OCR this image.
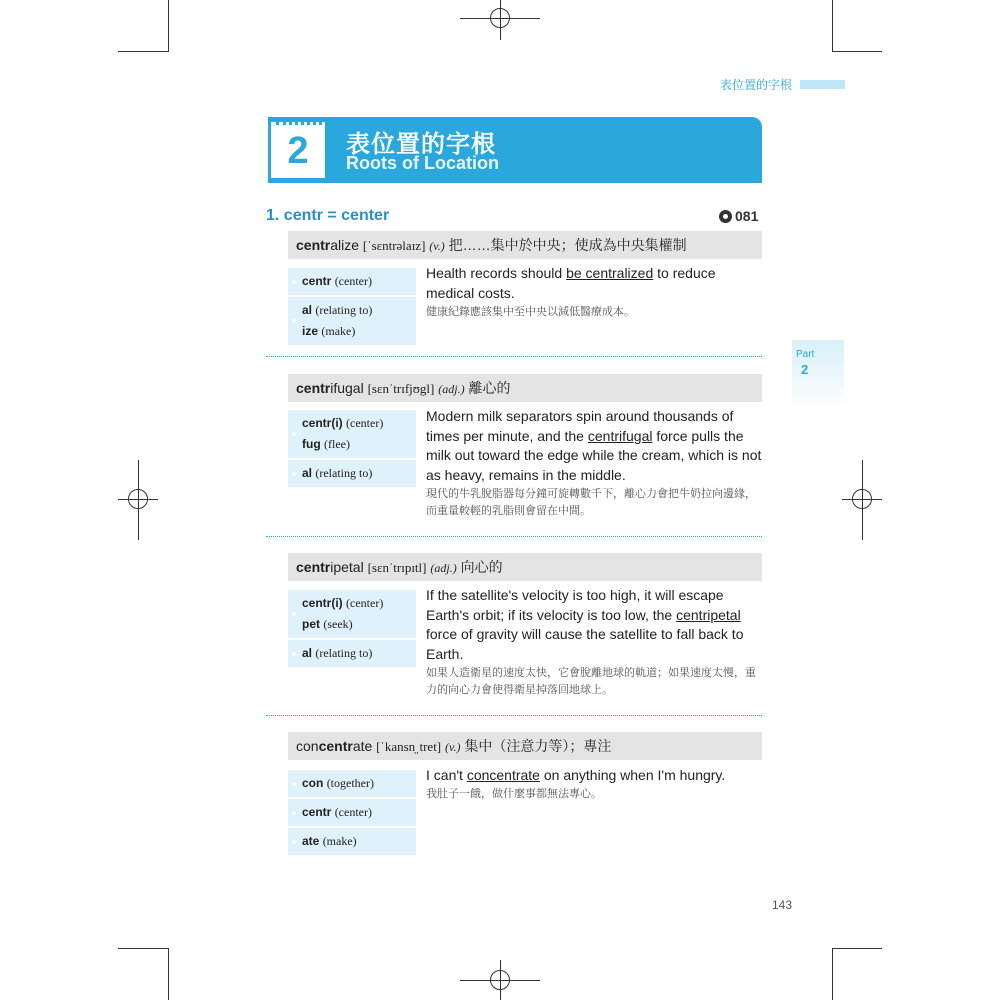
表位置的字根
2	表位置的字根
Roots of Location
1. centr = center	081
centralize [ˈsɛntrəlaɪz] (v.) 把……集中於中央；使成為中央集權制
centr (center)
al (relating to)
ize (make)
Health records should be centralized to reduce medical costs.
健康紀錄應該集中至中央以減低醫療成本。
centrifugal [sɛnˈtrɪfjʊgl] (adj.) 離心的
centr(i) (center)
fug (flee)
al (relating to)
Modern milk separators spin around thousands of times per minute, and the centrifugal force pulls the milk out toward the edge while the cream, which is not as heavy, remains in the middle.
現代的牛乳脫脂器每分鐘可旋轉數千下，離心力會把牛奶拉向邊緣，而重量較輕的乳脂則會留在中間。
centripetal [sɛnˈtrɪpɪtl] (adj.) 向心的
centr(i) (center)
pet (seek)
al (relating to)
If the satellite's velocity is too high, it will escape Earth's orbit; if its velocity is too low, the centripetal force of gravity will cause the satellite to fall back to Earth.
如果人造衛星的速度太快，它會脫離地球的軌道；如果速度太慢，重力的向心力會使得衛星掉落回地球上。
concentrate [ˈkansn̩ˌtret] (v.) 集中（注意力等）；專注
con (together)
centr (center)
ate (make)
I can't concentrate on anything when I'm hungry.
我肚子一餓，做什麼事都無法專心。
Part
2
143
